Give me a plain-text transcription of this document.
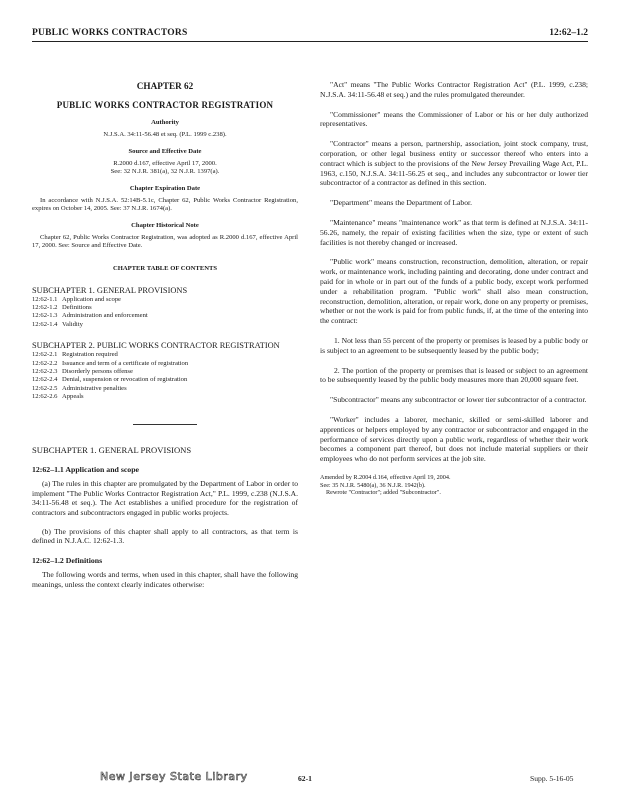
PUBLIC WORKS CONTRACTORS	12:62–1.2
CHAPTER 62
PUBLIC WORKS CONTRACTOR REGISTRATION
Authority
N.J.S.A. 34:11-56.48 et seq. (P.L. 1999 c.238).
Source and Effective Date
R.2000 d.167, effective April 17, 2000.
See: 32 N.J.R. 381(a), 32 N.J.R. 1397(a).
Chapter Expiration Date
In accordance with N.J.S.A. 52:14B-5.1c, Chapter 62, Public Works Contractor Registration, expires on October 14, 2005. See: 37 N.J.R. 1674(a).
Chapter Historical Note
Chapter 62, Public Works Contractor Registration, was adopted as R.2000 d.167, effective April 17, 2000. See: Source and Effective Date.
CHAPTER TABLE OF CONTENTS
SUBCHAPTER 1. GENERAL PROVISIONS
12:62-1.1 Application and scope
12:62-1.2 Definitions
12:62-1.3 Administration and enforcement
12:62-1.4 Validity
SUBCHAPTER 2. PUBLIC WORKS CONTRACTOR REGISTRATION
12:62-2.1 Registration required
12:62-2.2 Issuance and term of a certificate of registration
12:62-2.3 Disorderly persons offense
12:62-2.4 Denial, suspension or revocation of registration
12:62-2.5 Administrative penalties
12:62-2.6 Appeals
SUBCHAPTER 1. GENERAL PROVISIONS
12:62–1.1 Application and scope
(a) The rules in this chapter are promulgated by the Department of Labor in order to implement "The Public Works Contractor Registration Act," P.L. 1999, c.238 (N.J.S.A. 34:11-56.48 et seq.). The Act establishes a unified procedure for the registration of contractors and subcontractors engaged in public works projects.
(b) The provisions of this chapter shall apply to all contractors, as that term is defined in N.J.A.C. 12:62-1.3.
12:62–1.2 Definitions
The following words and terms, when used in this chapter, shall have the following meanings, unless the context clearly indicates otherwise:
"Act" means "The Public Works Contractor Registration Act" (P.L. 1999, c.238; N.J.S.A. 34:11-56.48 et seq.) and the rules promulgated thereunder.
"Commissioner" means the Commissioner of Labor or his or her duly authorized representatives.
"Contractor" means a person, partnership, association, joint stock company, trust, corporation, or other legal business entity or successor thereof who enters into a contract which is subject to the provisions of the New Jersey Prevailing Wage Act, P.L. 1963, c.150, N.J.S.A. 34:11-56.25 et seq., and includes any subcontractor or lower tier subcontractor of a contractor as defined in this section.
"Department" means the Department of Labor.
"Maintenance" means "maintenance work" as that term is defined at N.J.S.A. 34:11-56.26, namely, the repair of existing facilities when the size, type or extent of such facilities is not thereby changed or increased.
"Public work" means construction, reconstruction, demolition, alteration, or repair work, or maintenance work, including painting and decorating, done under contract and paid for in whole or in part out of the funds of a public body, except work performed under a rehabilitation program. "Public work" shall also mean construction, reconstruction, demolition, alteration, or repair work, done on any property or premises, whether or not the work is paid for from public funds, if, at the time of the entering into the contract:
1. Not less than 55 percent of the property or premises is leased by a public body or is subject to an agreement to be subsequently leased by the public body;
2. The portion of the property or premises that is leased or subject to an agreement to be subsequently leased by the public body measures more than 20,000 square feet.
"Subcontractor" means any subcontractor or lower tier subcontractor of a contractor.
"Worker" includes a laborer, mechanic, skilled or semi-skilled laborer and apprentices or helpers employed by any contractor or subcontractor and engaged in the performance of services directly upon a public work, regardless of whether their work becomes a component part thereof, but does not include material suppliers or their employees who do not perform services at the job site.
Amended by R.2004 d.164, effective April 19, 2004.
See: 35 N.J.R. 5480(a), 36 N.J.R. 1942(b).
Rewrote "Contractor"; added "Subcontractor".
New Jersey State Library	62-1	Supp. 5-16-05
